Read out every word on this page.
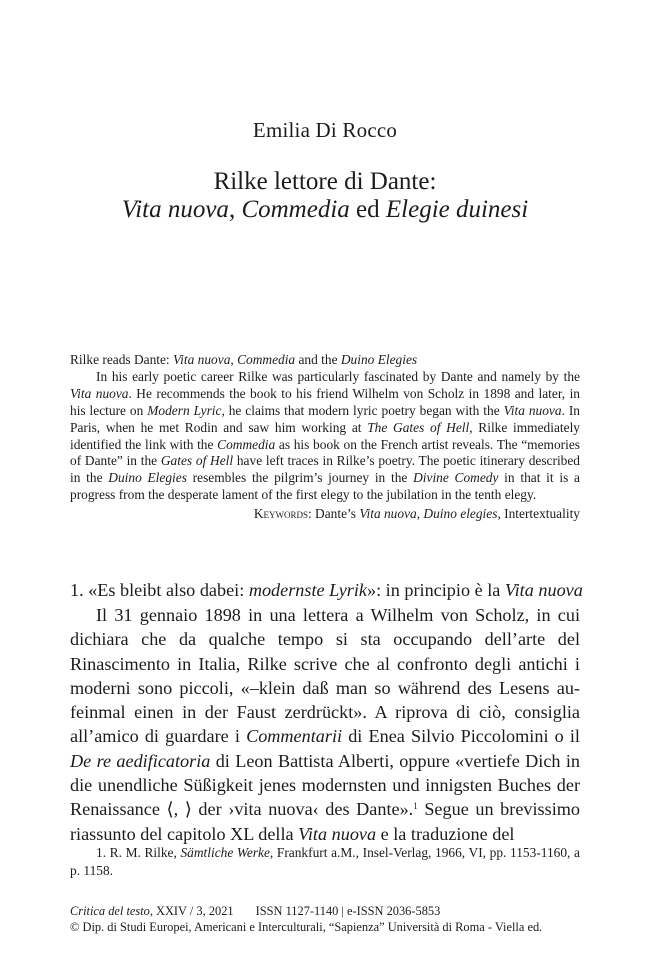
Emilia Di Rocco
Rilke lettore di Dante:
Vita nuova, Commedia ed Elegie duinesi

Rilke reads Dante: Vita nuova, Commedia and the Duino Elegies

In his early poetic career Rilke was particularly fascinated by Dante and namely by the Vita nuova. He recommends the book to his friend Wilhelm von Scholz in 1898 and later, in his lecture on Modern Lyric, he claims that modern lyric poetry began with the Vita nuova. In Paris, when he met Rodin and saw him working at The Gates of Hell, Rilke immediately identified the link with the Commedia as his book on the French artist reveals. The “memories of Dante” in the Gates of Hell have left traces in Rilke’s poetry. The poetic itinerary described in the Duino Elegies resembles the pilgrim’s journey in the Divine Comedy in that it is a progress from the desperate lament of the first elegy to the jubilation in the tenth elegy.

Keywords: Dante’s Vita nuova, Duino elegies, Intertextuality

1. «Es bleibt also dabei: modernste Lyrik»: in principio è la Vita nuova

Il 31 gennaio 1898 in una lettera a Wilhelm von Scholz, in cui dichiara che da qualche tempo si sta occupando dell’arte del Rinascimento in Italia, Rilke scrive che al confronto degli antichi i moderni sono piccoli, «–klein daß man so während des Lesens au-feinmal einen in der Faust zerdrückt». A riprova di ciò, consiglia all’amico di guardare i Commentarii di Enea Silvio Piccolomini o il De re aedificatoria di Leon Battista Alberti, oppure «vertiefe Dich in die unendliche Süßigkeit jenes modernsten und innigsten Buches der Renaissance ⟨, ⟩ der ›vita nuova‹ des Dante».$^1$ Segue un brevissimo riassunto del capitolo XL della Vita nuova e la traduzione del

1. R. M. Rilke, Sämtliche Werke, Frankfurt a.M., Insel-Verlag, 1966, VI, pp. 1153-1160, a p. 1158.

Critica del testo, XXIV / 3, 2021 ISSN 1127-1140 | e-ISSN 2036-5853
© Dip. di Studi Europei, Americani e Interculturali, “Sapienza” Università di Roma - Viella ed.
